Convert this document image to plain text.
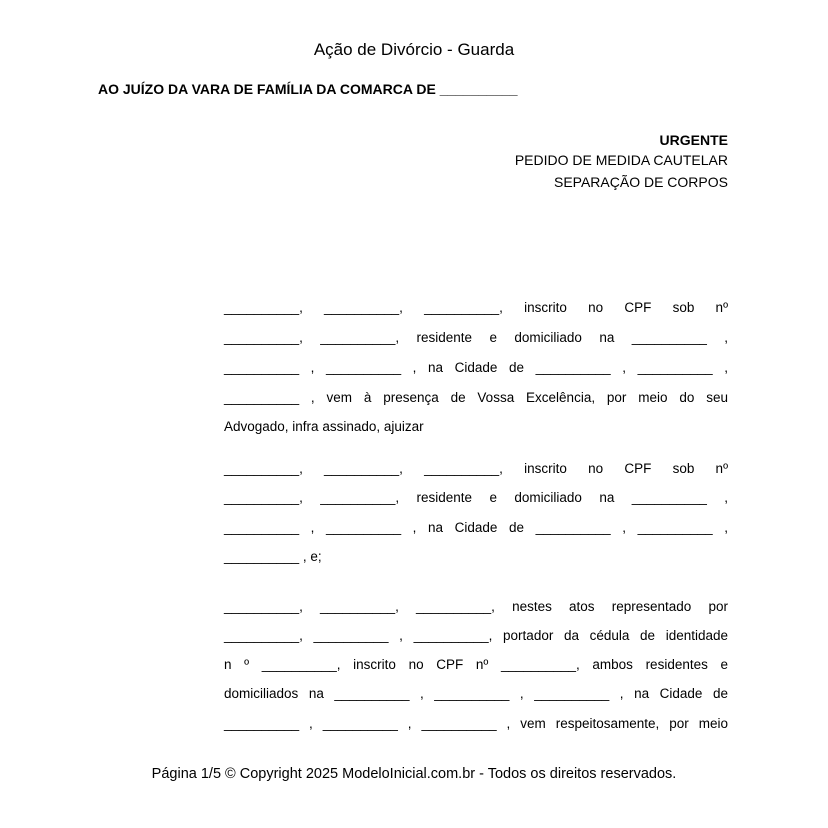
Ação de Divórcio - Guarda
AO JUÍZO DA VARA DE FAMÍLIA DA COMARCA DE __________
URGENTE
PEDIDO DE MEDIDA CAUTELAR
SEPARAÇÃO DE CORPOS
__________, __________, __________, inscrito no CPF sob nº
__________, __________, residente e domiciliado na __________ ,
__________ , __________ , na Cidade de __________ , __________ ,
__________ , vem à presença de Vossa Excelência, por meio do seu
Advogado, infra assinado, ajuizar
__________, __________, __________, inscrito no CPF sob nº
__________, __________, residente e domiciliado na __________ ,
__________ , __________ , na Cidade de __________ , __________ ,
__________ , e;
__________, __________, __________, nestes atos representado por
__________, __________ , __________, portador da cédula de identidade
n º __________, inscrito no CPF nº __________, ambos residentes e
domiciliados na __________ , __________ , __________ , na Cidade de
__________ , __________ , __________ , vem respeitosamente, por meio
Página 1/5 © Copyright 2025 ModeloInicial.com.br - Todos os direitos reservados.
